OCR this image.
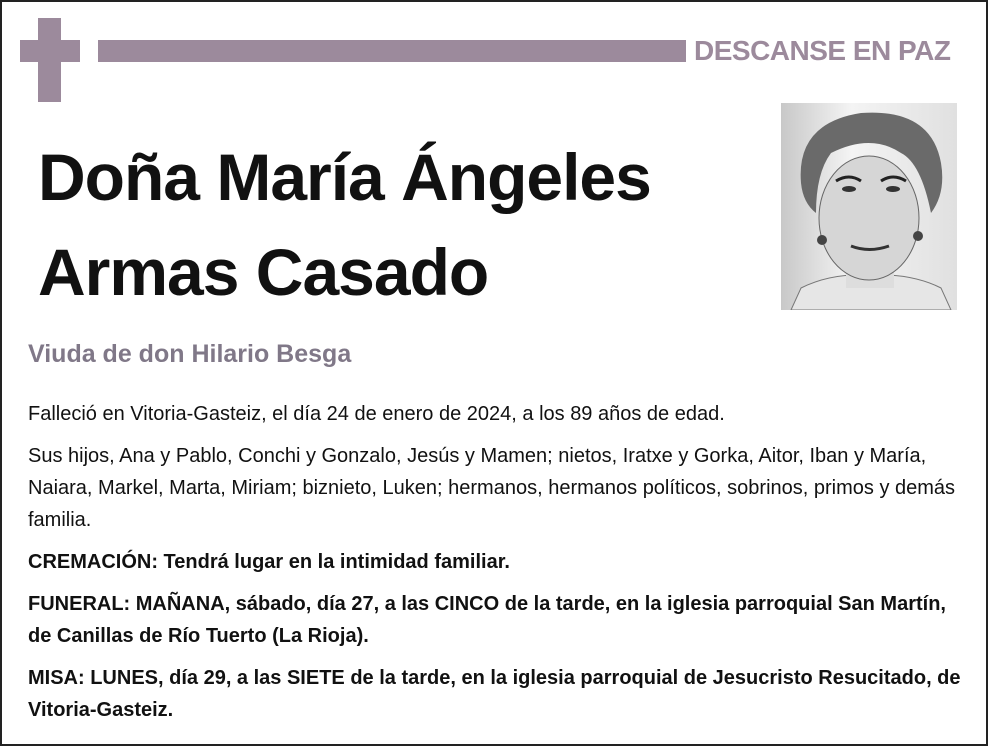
DESCANSE EN PAZ
Doña María Ángeles
Armas Casado
Viuda de don Hilario Besga

Falleció en Vitoria-Gasteiz, el día 24 de enero de 2024, a los 89 años de edad.

Sus hijos, Ana y Pablo, Conchi y Gonzalo, Jesús y Mamen; nietos, Iratxe y Gorka, Aitor, Iban y María, Naiara, Markel, Marta, Miriam; biznieto, Luken; hermanos, hermanos políticos, sobrinos, primos y demás familia.

CREMACIÓN: Tendrá lugar en la intimidad familiar.

FUNERAL: MAÑANA, sábado, día 27, a las CINCO de la tarde, en la iglesia parroquial San Martín, de Canillas de Río Tuerto (La Rioja).

MISA: LUNES, día 29, a las SIETE de la tarde, en la iglesia parroquial de Jesucristo Resucitado, de Vitoria-Gasteiz.
